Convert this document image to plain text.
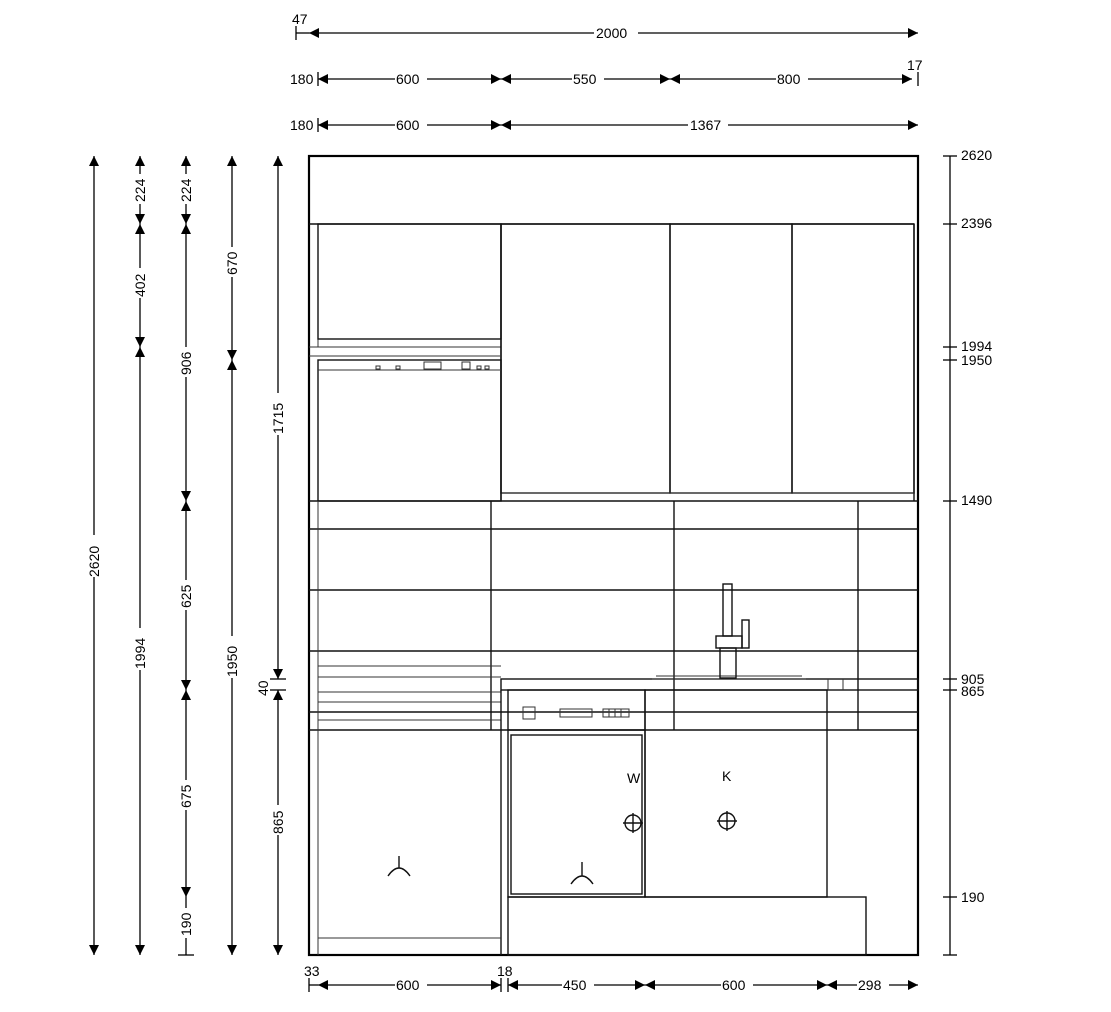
47
2000
180	600	550	800
17
180	600	1367
2620
224
402
1994
224
906
625
675
190
670
1950
1715
40
865
2620
2396
1994
1950
1490
905
865
190
33
600
18
450	600	298
W	K
